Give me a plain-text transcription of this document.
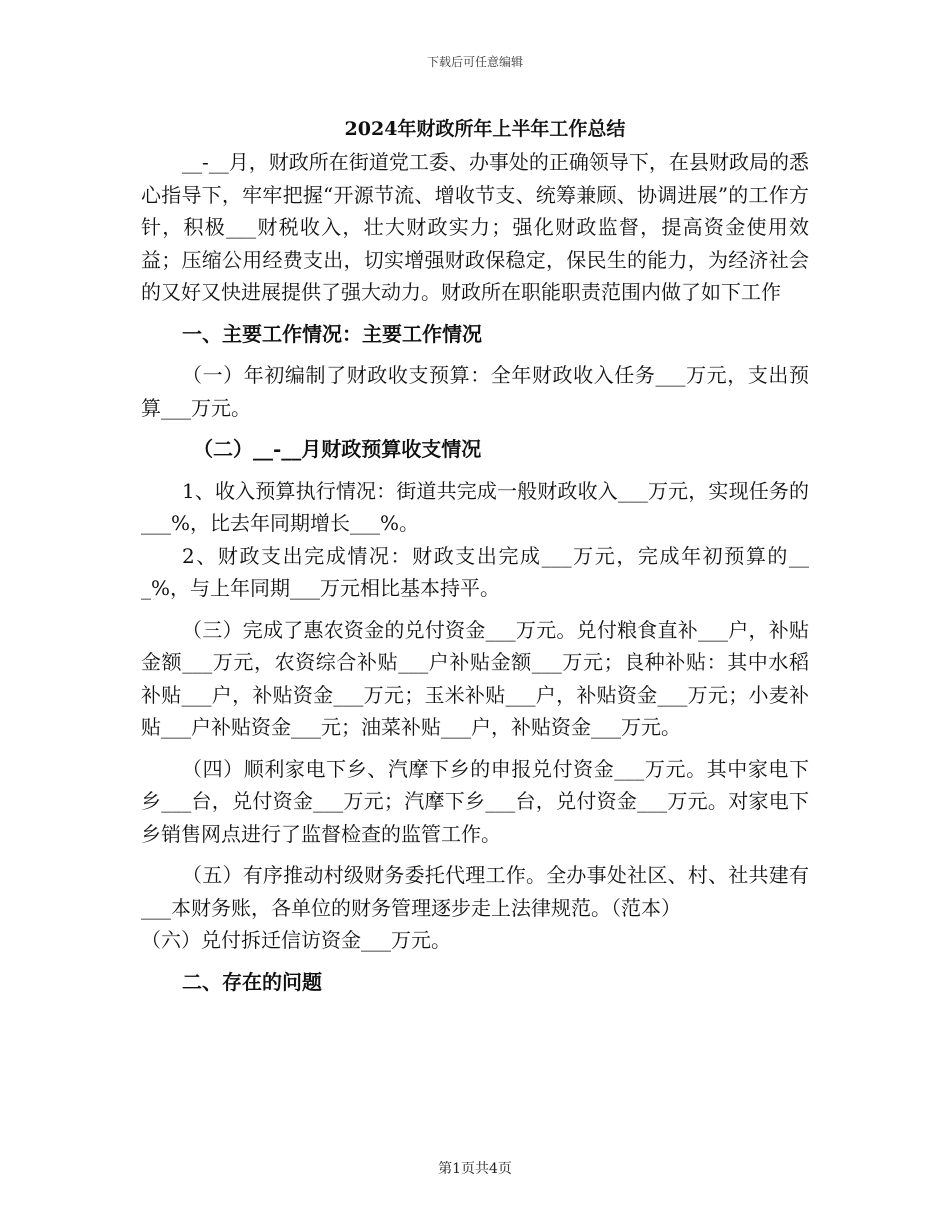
下载后可任意编辑
2024年财政所年上半年工作总结

__-__月，财政所在街道党工委、办事处的正确领导下，在县财政局的悉心指导下，牢牢把握“开源节流、增收节支、统筹兼顾、协调进展”的工作方针，积极___财税收入，壮大财政实力；强化财政监督，提高资金使用效益；压缩公用经费支出，切实增强财政保稳定，保民生的能力，为经济社会的又好又快进展提供了强大动力。财政所在职能职责范围内做了如下工作

一、主要工作情况：主要工作情况

（一）年初编制了财政收支预算：全年财政收入任务___万元，支出预算___万元。

（二）__-__月财政预算收支情况

1、收入预算执行情况：街道共完成一般财政收入___万元，实现任务的___%，比去年同期增长___%。

2、财政支出完成情况：财政支出完成___万元，完成年初预算的___%，与上年同期___万元相比基本持平。

（三）完成了惠农资金的兑付资金___万元。兑付粮食直补___户，补贴金额___万元，农资综合补贴___户补贴金额___万元；良种补贴：其中水稻补贴___户，补贴资金___万元；玉米补贴___户，补贴资金___万元；小麦补贴___户补贴资金___元；油菜补贴___户，补贴资金___万元。

（四）顺利家电下乡、汽摩下乡的申报兑付资金___万元。其中家电下乡___台，兑付资金___万元；汽摩下乡___台，兑付资金___万元。对家电下乡销售网点进行了监督检查的监管工作。

（五）有序推动村级财务委托代理工作。全办事处社区、村、社共建有___本财务账，各单位的财务管理逐步走上法律规范。（范本）

（六）兑付拆迁信访资金___万元。

二、存在的问题
第1页共4页
